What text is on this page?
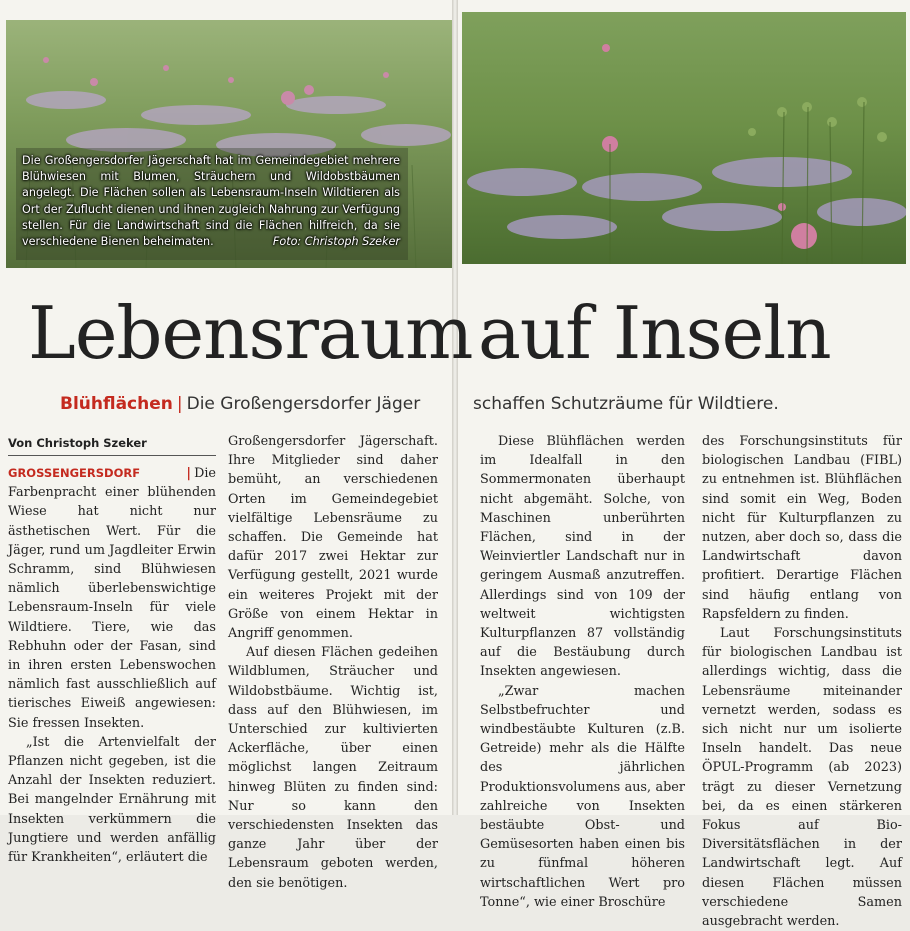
Die Großengersdorfer Jägerschaft hat im Gemeindegebiet mehrere Blühwiesen mit Blumen, Sträuchern und Wildobstbäumen angelegt. Die Flächen sollen als Lebensraum-Inseln Wildtieren als Ort der Zuflucht dienen und ihnen zugleich Nahrung zur Verfügung stellen. Für die Landwirtschaft sind die Flächen hilfreich, da sie verschiedene Bienen beheimaten.	Foto: Christoph Szeker
Lebensraum auf Inseln
Blühflächen | Die Großengersdorfer Jäger	schaffen Schutzräume für Wildtiere.
Von Christoph Szeker

GROSSENGERSDORF	| Die Farbenpracht einer blühenden Wiese hat nicht nur ästhetischen Wert. Für die Jäger, rund um Jagdleiter Erwin Schramm, sind Blühwiesen nämlich überlebenswichtige Lebensraum-Inseln für viele Wildtiere. Tiere, wie das Rebhuhn oder der Fasan, sind in ihren ersten Lebenswochen nämlich fast ausschließlich auf tierisches Eiweiß angewiesen: Sie fressen Insekten.

„Ist die Artenvielfalt der Pflanzen nicht gegeben, ist die Anzahl der Insekten reduziert. Bei mangelnder Ernährung mit Insekten verkümmern die Jungtiere und werden anfällig für Krankheiten“, erläutert die

Großengersdorfer Jägerschaft. Ihre Mitglieder sind daher bemüht, an verschiedenen Orten im Gemeindegebiet vielfältige Lebensräume zu schaffen. Die Gemeinde hat dafür 2017 zwei Hektar zur Verfügung gestellt, 2021 wurde ein weiteres Projekt mit der Größe von einem Hektar in Angriff genommen.

Auf diesen Flächen gedeihen Wildblumen, Sträucher und Wildobstbäume. Wichtig ist, dass auf den Blühwiesen, im Unterschied zur kultivierten Ackerfläche, über einen möglichst langen Zeitraum hinweg Blüten zu finden sind: Nur so kann den verschiedensten Insekten das ganze Jahr über der Lebensraum geboten werden, den sie benötigen.

Diese Blühflächen werden im Idealfall in den Sommermonaten überhaupt nicht abgemäht. Solche, von Maschinen unberührten Flächen, sind in der Weinviertler Landschaft nur in geringem Ausmaß anzutreffen. Allerdings sind von 109 der weltweit wichtigsten Kulturpflanzen 87 vollständig auf die Bestäubung durch Insekten angewiesen.

„Zwar machen Selbstbefruchter und windbestäubte Kulturen (z.B. Getreide) mehr als die Hälfte des jährlichen Produktionsvolumens aus, aber zahlreiche von Insekten bestäubte Obst- und Gemüsesorten haben einen bis zu fünfmal höheren wirtschaftlichen Wert pro Tonne“, wie einer Broschüre

des Forschungsinstituts für biologischen Landbau (FIBL) zu entnehmen ist. Blühflächen sind somit ein Weg, Boden nicht für Kulturpflanzen zu nutzen, aber doch so, dass die Landwirtschaft davon profitiert. Derartige Flächen sind häufig entlang von Rapsfeldern zu finden.

Laut Forschungsinstituts für biologischen Landbau ist allerdings wichtig, dass die Lebensräume miteinander vernetzt werden, sodass es sich nicht nur um isolierte Inseln handelt. Das neue ÖPUL-Programm (ab 2023) trägt zu dieser Vernetzung bei, da es einen stärkeren Fokus auf Bio-Diversitätsflächen in der Landwirtschaft legt. Auf diesen Flächen müssen verschiedene Samen ausgebracht werden.
